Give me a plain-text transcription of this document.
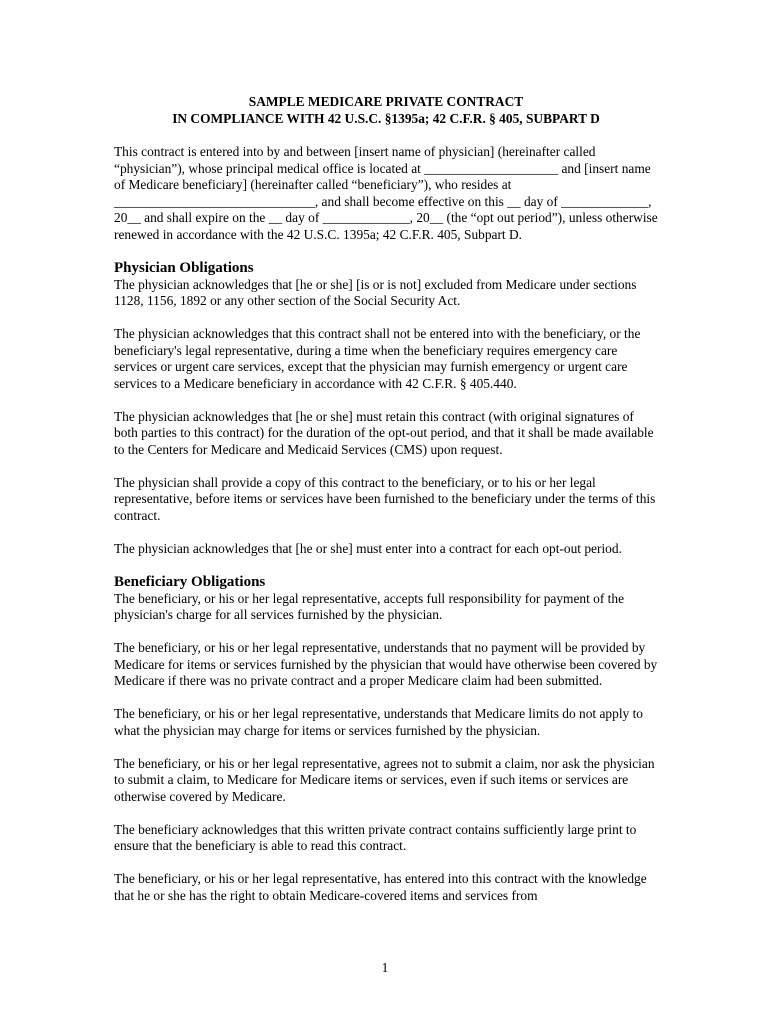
SAMPLE MEDICARE PRIVATE CONTRACT
IN COMPLIANCE WITH 42 U.S.C. §1395a; 42 C.F.R. § 405, SUBPART D

This contract is entered into by and between [insert name of physician] (hereinafter called “physician”), whose principal medical office is located at ____________________ and [insert name of Medicare beneficiary] (hereinafter called “beneficiary”), who resides at ______________________________, and shall become effective on this __ day of _____________, 20__ and shall expire on the __ day of _____________, 20__ (the “opt out period”), unless otherwise renewed in accordance with the 42 U.S.C. 1395a; 42 C.F.R. 405, Subpart D.

Physician Obligations

The physician acknowledges that [he or she] [is or is not] excluded from Medicare under sections 1128, 1156, 1892 or any other section of the Social Security Act.

The physician acknowledges that this contract shall not be entered into with the beneficiary, or the beneficiary's legal representative, during a time when the beneficiary requires emergency care services or urgent care services, except that the physician may furnish emergency or urgent care services to a Medicare beneficiary in accordance with 42 C.F.R. § 405.440.

The physician acknowledges that [he or she] must retain this contract (with original signatures of both parties to this contract) for the duration of the opt-out period, and that it shall be made available to the Centers for Medicare and Medicaid Services (CMS) upon request.

The physician shall provide a copy of this contract to the beneficiary, or to his or her legal representative, before items or services have been furnished to the beneficiary under the terms of this contract.

The physician acknowledges that [he or she] must enter into a contract for each opt-out period.

Beneficiary Obligations

The beneficiary, or his or her legal representative, accepts full responsibility for payment of the physician's charge for all services furnished by the physician.

The beneficiary, or his or her legal representative, understands that no payment will be provided by Medicare for items or services furnished by the physician that would have otherwise been covered by Medicare if there was no private contract and a proper Medicare claim had been submitted.

The beneficiary, or his or her legal representative, understands that Medicare limits do not apply to what the physician may charge for items or services furnished by the physician.

The beneficiary, or his or her legal representative, agrees not to submit a claim, nor ask the physician to submit a claim, to Medicare for Medicare items or services, even if such items or services are otherwise covered by Medicare.

The beneficiary acknowledges that this written private contract contains sufficiently large print to ensure that the beneficiary is able to read this contract.

The beneficiary, or his or her legal representative, has entered into this contract with the knowledge that he or she has the right to obtain Medicare-covered items and services from

1
